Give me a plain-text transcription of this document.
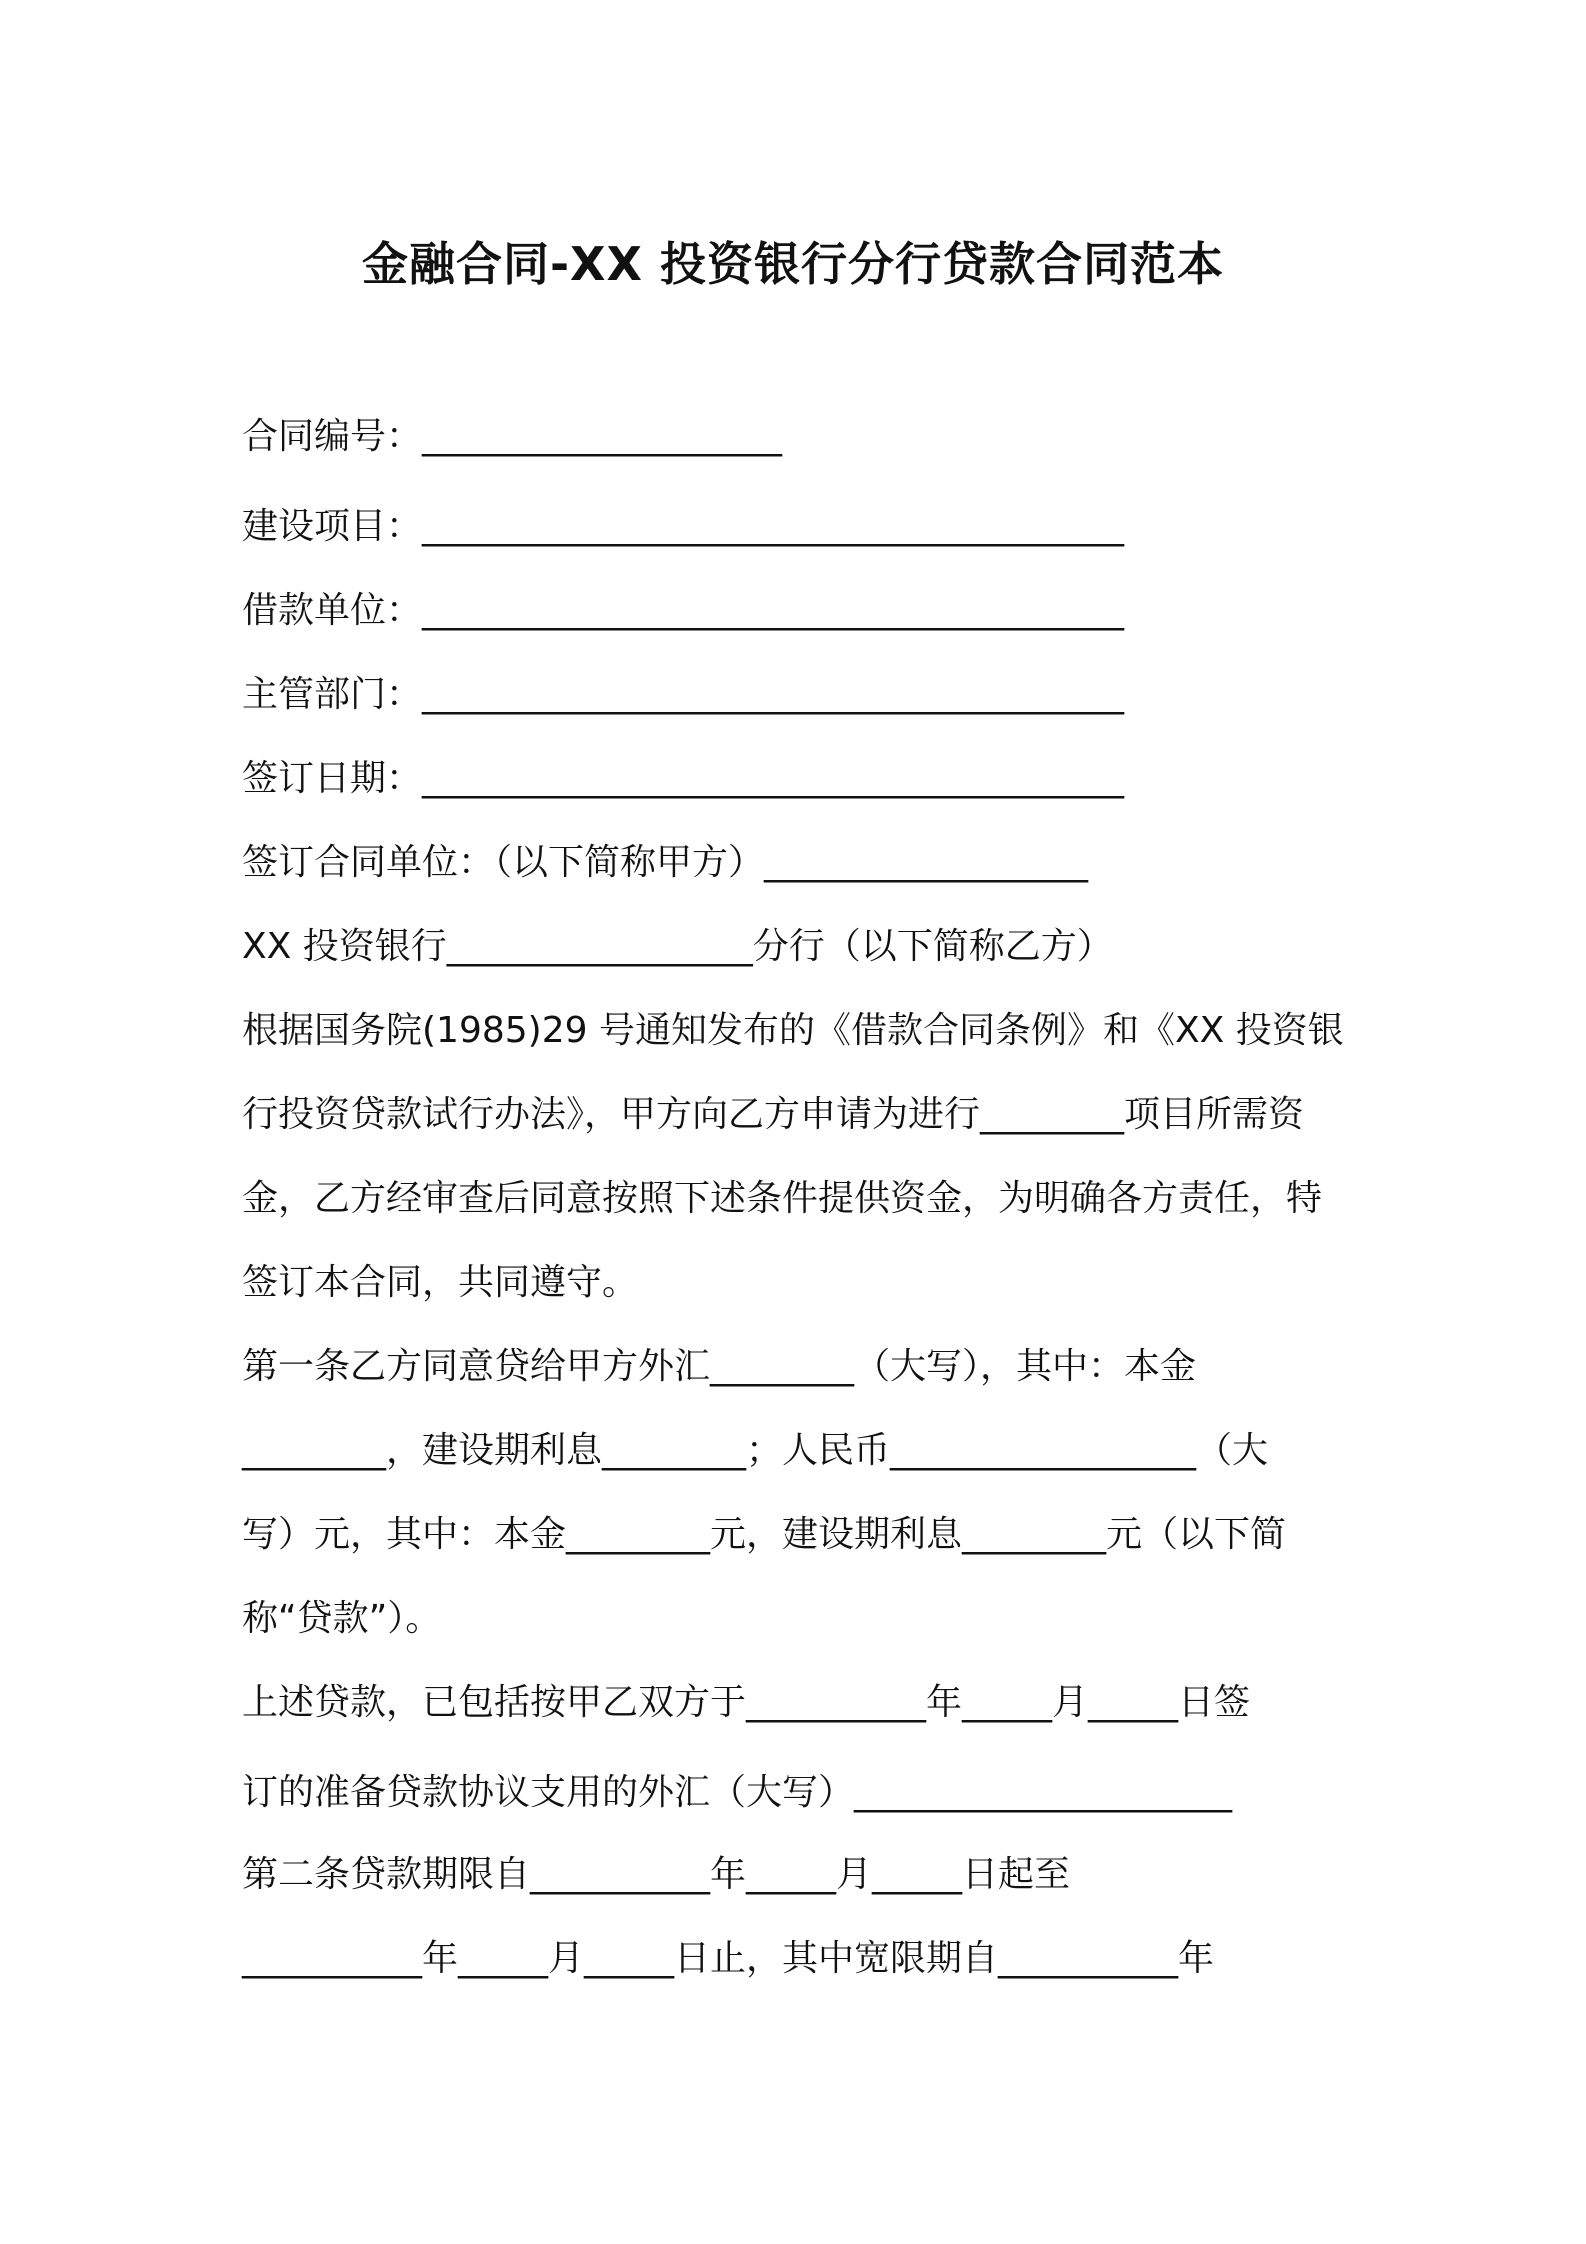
金融合同-XX 投资银行分行贷款合同范本
合同编号：____________________
建设项目：_______________________________________
借款单位：_______________________________________
主管部门：_______________________________________
签订日期：_______________________________________
签订合同单位：（以下简称甲方）__________________
XX 投资银行_________________分行（以下简称乙方）
根据国务院(1985)29 号通知发布的《借款合同条例》和《XX 投资银
行投资贷款试行办法》，甲方向乙方申请为进行________项目所需资
金，乙方经审查后同意按照下述条件提供资金，为明确各方责任，特
签订本合同，共同遵守。
第一条乙方同意贷给甲方外汇________（大写），其中：本金
________，建设期利息________；人民币_________________（大
写）元，其中：本金________元，建设期利息________元（以下简
称“贷款”）。
上述贷款，已包括按甲乙双方于__________年_____月_____日签
订的准备贷款协议支用的外汇（大写）_____________________
第二条贷款期限自__________年_____月_____日起至
__________年_____月_____日止，其中宽限期自__________年
